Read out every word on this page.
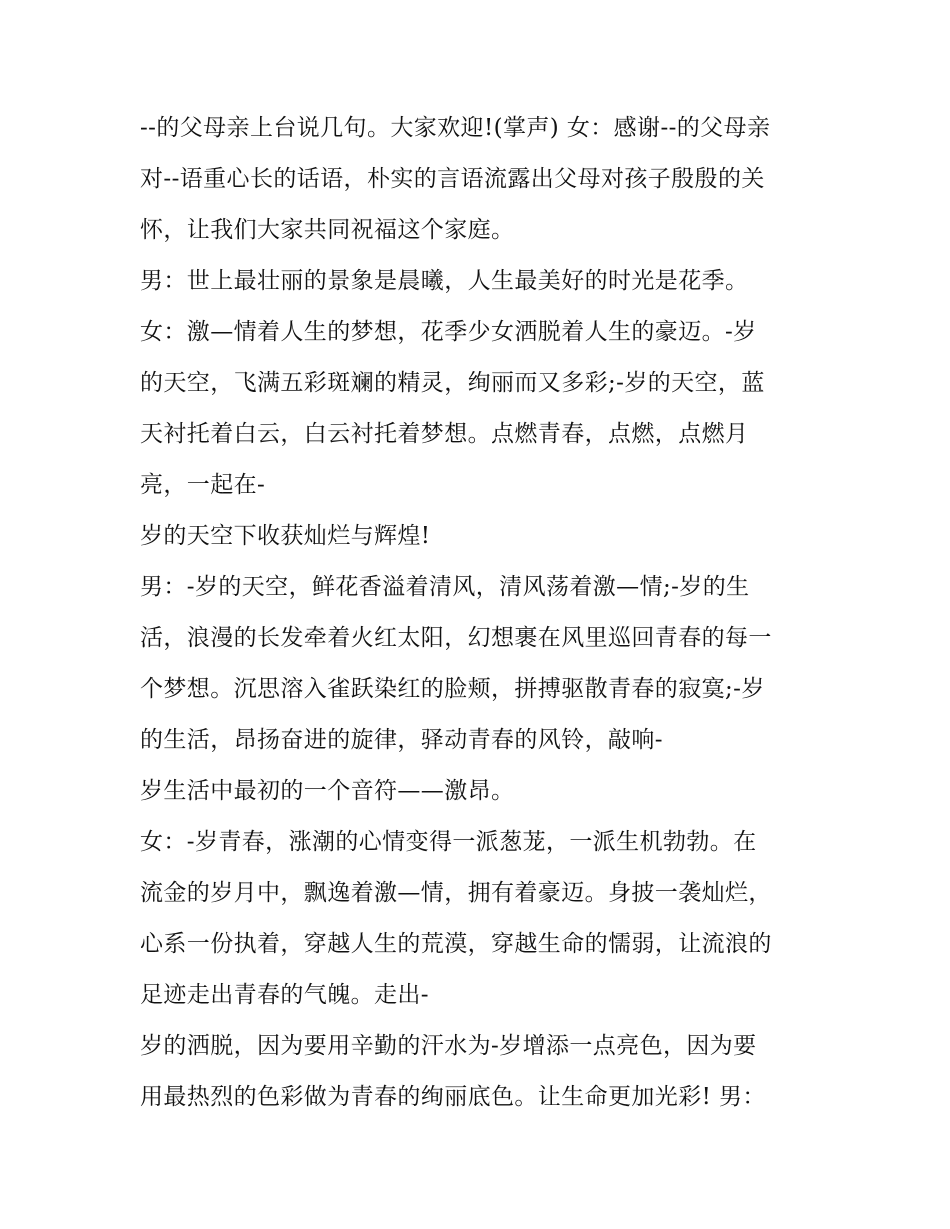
--的父母亲上台说几句。大家欢迎!(掌声) 女：感谢--的父母亲
对--语重心长的话语，朴实的言语流露出父母对孩子殷殷的关
怀，让我们大家共同祝福这个家庭。
男：世上最壮丽的景象是晨曦，人生最美好的时光是花季。
女：激—情着人生的梦想，花季少女洒脱着人生的豪迈。-岁
的天空，飞满五彩斑斓的精灵，绚丽而又多彩;-岁的天空，蓝
天衬托着白云，白云衬托着梦想。点燃青春，点燃，点燃月
亮，一起在-
岁的天空下收获灿烂与辉煌!
男：-岁的天空，鲜花香溢着清风，清风荡着激—情;-岁的生
活，浪漫的长发牵着火红太阳，幻想裹在风里巡回青春的每一
个梦想。沉思溶入雀跃染红的脸颊，拼搏驱散青春的寂寞;-岁
的生活，昂扬奋进的旋律，驿动青春的风铃，敲响-
岁生活中最初的一个音符——激昂。
女：-岁青春，涨潮的心情变得一派葱茏，一派生机勃勃。在
流金的岁月中，飘逸着激—情，拥有着豪迈。身披一袭灿烂，
心系一份执着，穿越人生的荒漠，穿越生命的懦弱，让流浪的
足迹走出青春的气魄。走出-
岁的洒脱，因为要用辛勤的汗水为-岁增添一点亮色，因为要
用最热烈的色彩做为青春的绚丽底色。让生命更加光彩! 男：
